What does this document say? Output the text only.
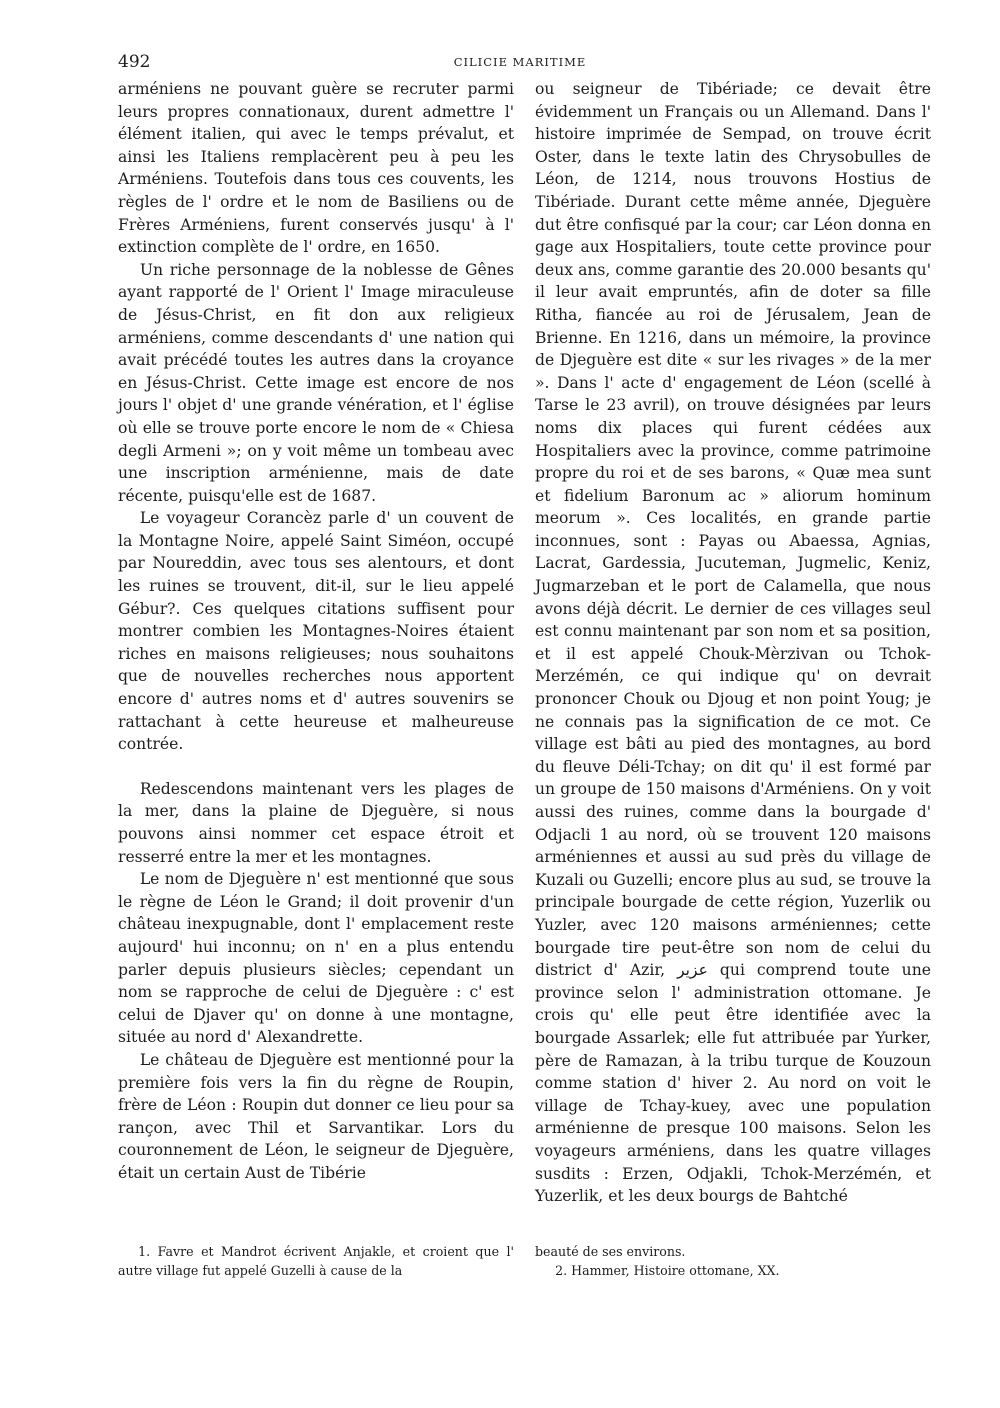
492	CILICIE MARITIME

arméniens ne pouvant guère se recruter parmi leurs propres connationaux, durent admettre l' élément italien, qui avec le temps prévalut, et ainsi les Italiens remplacèrent peu à peu les Arméniens. Toutefois dans tous ces couvents, les règles de l' ordre et le nom de Basiliens ou de Frères Arméniens, furent conservés jusqu' à l' extinction complète de l' ordre, en 1650.

Un riche personnage de la noblesse de Gênes ayant rapporté de l' Orient l' Image miraculeuse de Jésus-Christ, en fit don aux religieux arméniens, comme descendants d' une nation qui avait précédé toutes les autres dans la croyance en Jésus-Christ. Cette image est encore de nos jours l' objet d' une grande vénération, et l' église où elle se trouve porte encore le nom de « Chiesa degli Armeni »; on y voit même un tombeau avec une inscription arménienne, mais de date récente, puisqu'elle est de 1687.

Le voyageur Corancèz parle d' un couvent de la Montagne Noire, appelé Saint Siméon, occupé par Noureddin, avec tous ses alentours, et dont les ruines se trouvent, dit-il, sur le lieu appelé Gébur?. Ces quelques citations suffisent pour montrer combien les Montagnes-Noires étaient riches en maisons religieuses; nous souhaitons que de nouvelles recherches nous apportent encore d' autres noms et d' autres souvenirs se rattachant à cette heureuse et malheureuse contrée.

Redescendons maintenant vers les plages de la mer, dans la plaine de Djeguère, si nous pouvons ainsi nommer cet espace étroit et resserré entre la mer et les montagnes.

Le nom de Djeguère n' est mentionné que sous le règne de Léon le Grand; il doit provenir d'un château inexpugnable, dont l' emplacement reste aujourd' hui inconnu; on n' en a plus entendu parler depuis plusieurs siècles; cependant un nom se rapproche de celui de Djeguère : c' est celui de Djaver qu' on donne à une montagne, située au nord d' Alexandrette.

Le château de Djeguère est mentionné pour la première fois vers la fin du règne de Roupin, frère de Léon : Roupin dut donner ce lieu pour sa rançon, avec Thil et Sarvantikar. Lors du couronnement de Léon, le seigneur de Djeguère, était un certain Aust de Tibérie

ou seigneur de Tibériade; ce devait être évidemment un Français ou un Allemand. Dans l' histoire imprimée de Sempad, on trouve écrit Oster, dans le texte latin des Chrysobulles de Léon, de 1214, nous trouvons Hostius de Tibériade. Durant cette même année, Djeguère dut être confisqué par la cour; car Léon donna en gage aux Hospitaliers, toute cette province pour deux ans, comme garantie des 20.000 besants qu' il leur avait empruntés, afin de doter sa fille Ritha, fiancée au roi de Jérusalem, Jean de Brienne. En 1216, dans un mémoire, la province de Djeguère est dite « sur les rivages » de la mer ». Dans l' acte d' engagement de Léon (scellé à Tarse le 23 avril), on trouve désignées par leurs noms dix places qui furent cédées aux Hospitaliers avec la province, comme patrimoine propre du roi et de ses barons, « Quæ mea sunt et fidelium Baronum ac » aliorum hominum meorum ». Ces localités, en grande partie inconnues, sont : Payas ou Abaessa, Agnias, Lacrat, Gardessia, Jucuteman, Jugmelic, Keniz, Jugmarzeban et le port de Calamella, que nous avons déjà décrit. Le dernier de ces villages seul est connu maintenant par son nom et sa position, et il est appelé Chouk-Mèrzivan ou Tchok-Merzémén, ce qui indique qu' on devrait prononcer Chouk ou Djoug et non point Youg; je ne connais pas la signification de ce mot. Ce village est bâti au pied des montagnes, au bord du fleuve Déli-Tchay; on dit qu' il est formé par un groupe de 150 maisons d'Arméniens. On y voit aussi des ruines, comme dans la bourgade d' Odjacli 1 au nord, où se trouvent 120 maisons arméniennes et aussi au sud près du village de Kuzali ou Guzelli; encore plus au sud, se trouve la principale bourgade de cette région, Yuzerlik ou Yuzler, avec 120 maisons arméniennes; cette bourgade tire peut-être son nom de celui du district d' Azir, عزیر qui comprend toute une province selon l' administration ottomane. Je crois qu' elle peut être identifiée avec la bourgade Assarlek; elle fut attribuée par Yurker, père de Ramazan, à la tribu turque de Kouzoun comme station d' hiver 2. Au nord on voit le village de Tchay-kuey, avec une population arménienne de presque 100 maisons. Selon les voyageurs arméniens, dans les quatre villages susdits : Erzen, Odjakli, Tchok-Merzémén, et Yuzerlik, et les deux bourgs de Bahtché

1. Favre et Mandrot écrivent Anjakle, et croient que l' autre village fut appelé Guzelli à cause de la

beauté de ses environs.

2. Hammer, Histoire ottomane, XX.
